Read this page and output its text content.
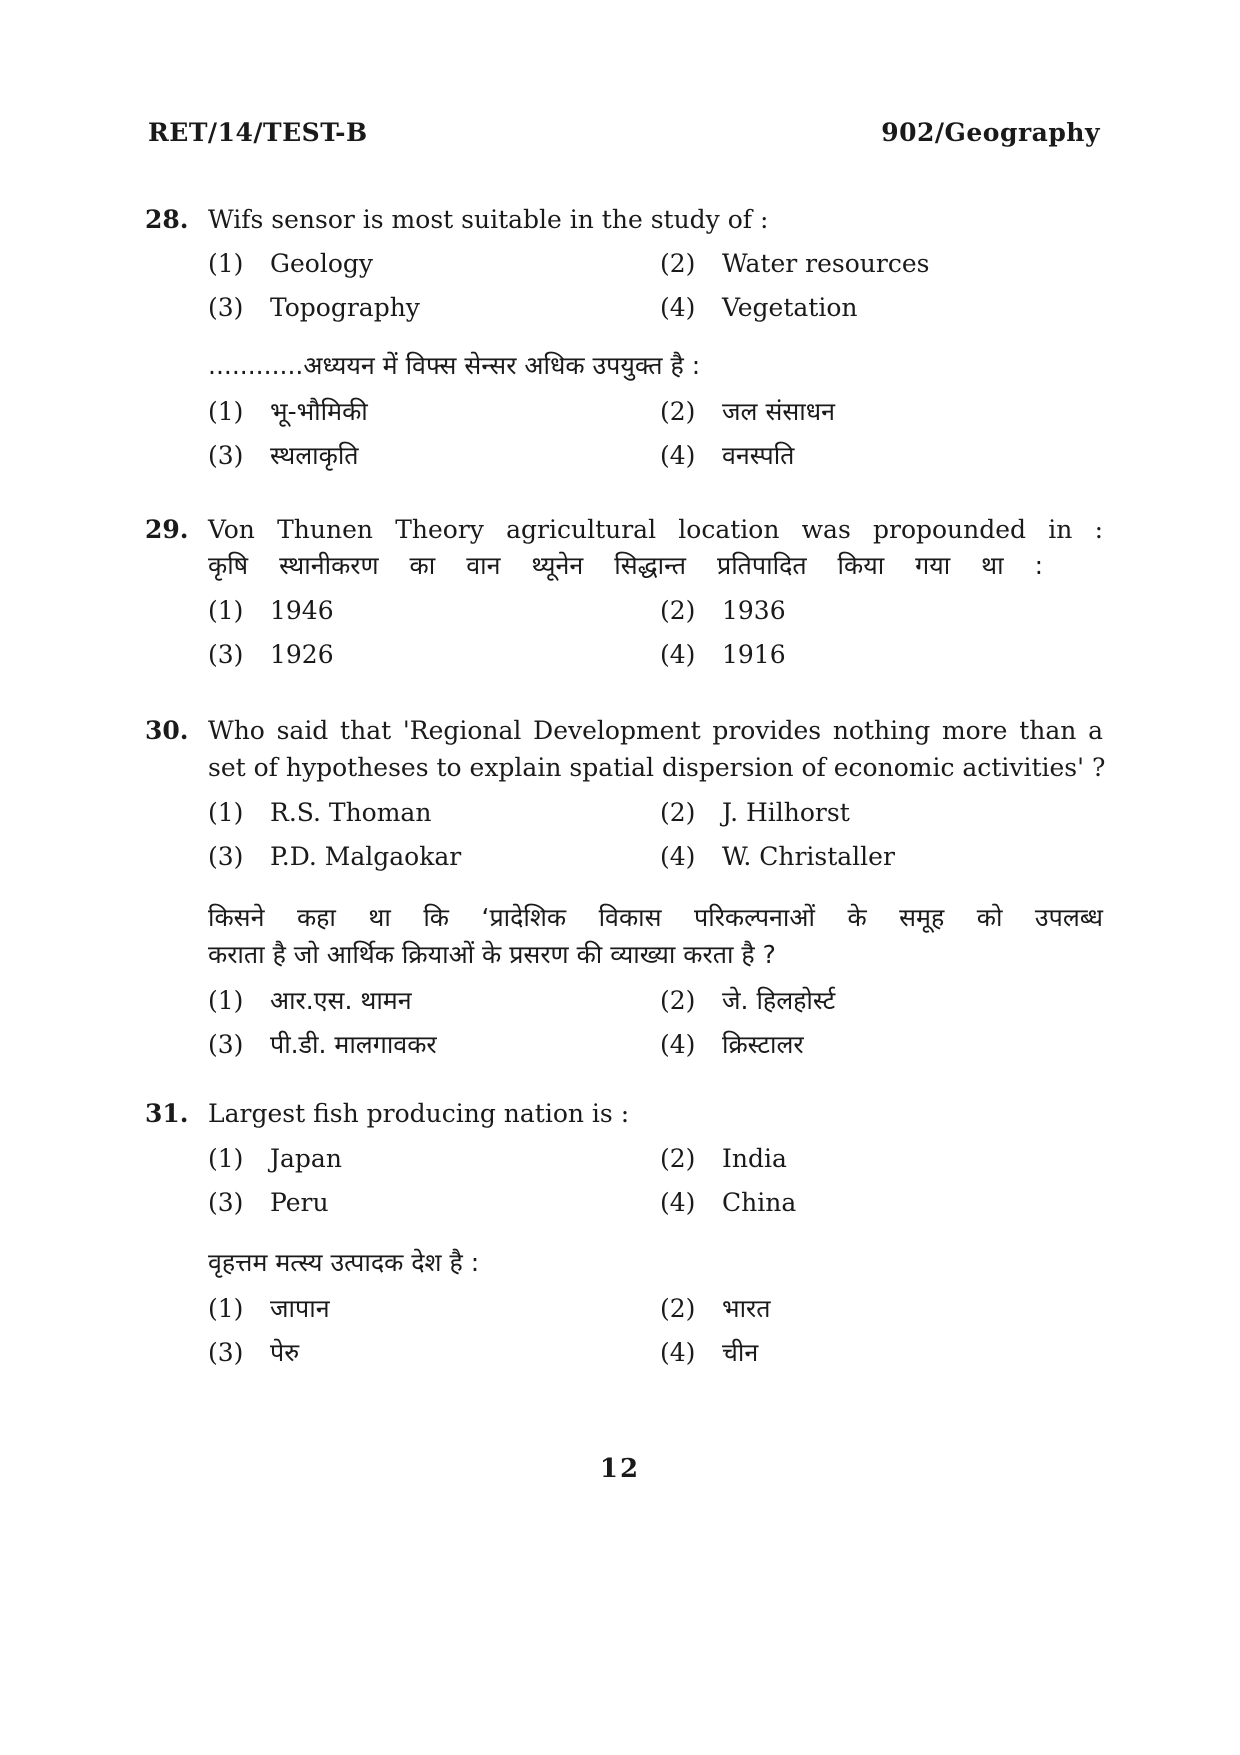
RET/14/TEST-B	902/Geography
28. Wifs sensor is most suitable in the study of :
(1) Geology	(2) Water resources
(3) Topography	(4) Vegetation
............अध्ययन में विफ्स सेन्सर अधिक उपयुक्त है :
(1) भू-भौमिकी	(2) जल संसाधन
(3) स्थलाकृति	(4) वनस्पति
29. Von Thunen Theory agricultural location was propounded in :
कृषि स्थानीकरण का वान थ्यूनेन सिद्धान्त प्रतिपादित किया गया था :
(1) 1946	(2) 1936
(3) 1926	(4) 1916
30. Who said that 'Regional Development provides nothing more than a
set of hypotheses to explain spatial dispersion of economic activities' ?
(1) R.S. Thoman	(2) J. Hilhorst
(3) P.D. Malgaokar	(4) W. Christaller
किसने कहा था कि ‘प्रादेशिक विकास परिकल्पनाओं के समूह को उपलब्ध
कराता है जो आर्थिक क्रियाओं के प्रसरण की व्याख्या करता है ?
(1) आर.एस. थामन	(2) जे. हिलहोर्स्ट
(3) पी.डी. मालगावकर	(4) क्रिस्टालर
31. Largest fish producing nation is :
(1) Japan	(2) India
(3) Peru	(4) China
वृहत्तम मत्स्य उत्पादक देश है :
(1) जापान	(2) भारत
(3) पेरु	(4) चीन
12
